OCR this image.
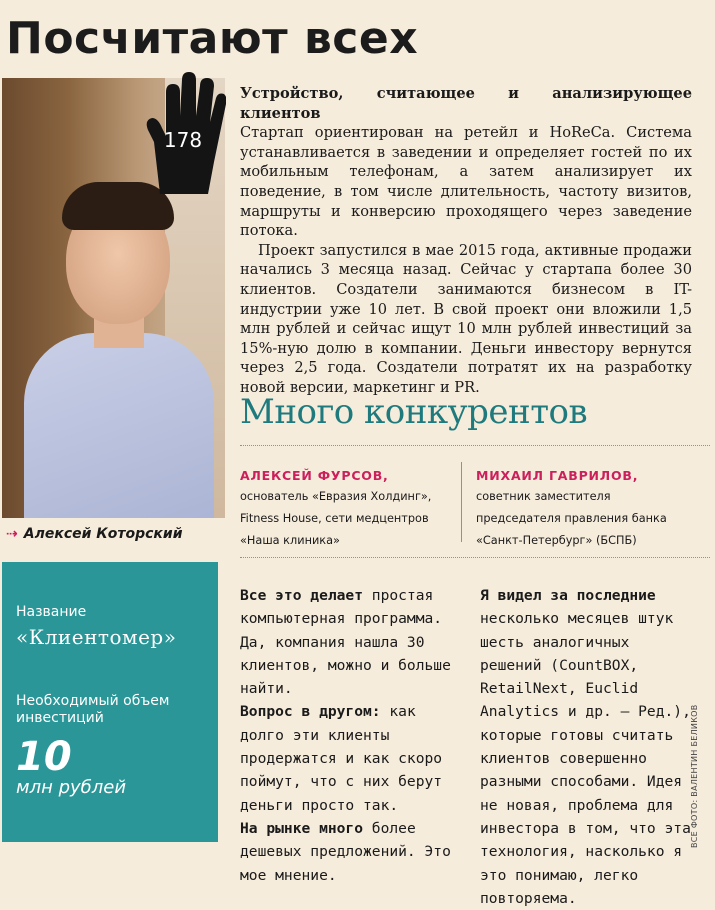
Посчитают всех
178
⇢ Алексей Которский

Устройство, считающее и анализирующее клиентов

Стартап ориентирован на ретейл и HoReCa. Система устанавливается в заведении и определяет гостей по их мобильным телефонам, а затем анализирует их поведение, в том числе длительность, частоту визитов, маршруты и конверсию проходящего через заведение потока.

Проект запустился в мае 2015 года, активные продажи начались 3 месяца назад. Сейчас у стартапа более 30 клиентов. Создатели занимаются бизнесом в IT-индустрии уже 10 лет. В свой проект они вложили 1,5 млн рублей и сейчас ищут 10 млн рублей инвестиций за 15%-ную долю в компании. Деньги инвестору вернутся через 2,5 года. Создатели потратят их на разработку новой версии, маркетинг и PR.

Много конкурентов
АЛЕКСЕЙ ФУРСОВ,
основатель «Евразия Холдинг»,
Fitness House, сети медцентров
«Наша клиника»
МИХАИЛ ГАВРИЛОВ,
советник заместителя
председателя правления банка
«Санкт-Петербург» (БСПБ)
Название
«Клиентомер»
Необходимый объем инвестиций
10
млн рублей

Все это делает простая компьютерная программа. Да, компания нашла 30 клиентов, можно и больше найти.

Вопрос в другом: как долго эти клиенты продержатся и как скоро поймут, что с них берут деньги просто так.

На рынке много более дешевых предложений. Это мое мнение.

Я видел за последние несколько месяцев штук шесть аналогичных решений (CountBOX, RetailNext, Euclid Analytics и др. — Ред.), которые готовы считать клиентов совершенно разными способами. Идея не новая, проблема для инвестора в том, что эта технология, насколько я это понимаю, легко повторяема.

ВСЕ ФОТО: ВАЛЕНТИН БЕЛИКОВ
